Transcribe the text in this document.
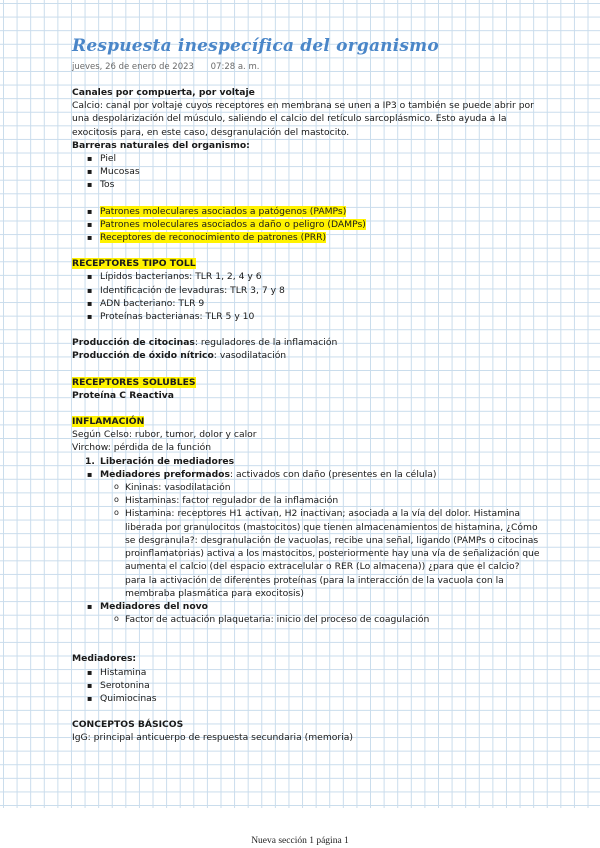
Respuesta inespecífica del organismo
jueves, 26 de enero de 2023 07:28 a. m.

Canales por compuerta, por voltaje

Calcio: canal por voltaje cuyos receptores en membrana se unen a IP3 o también se puede abrir por una despolarización del músculo, saliendo el calcio del retículo sarcoplásmico. Esto ayuda a la exocitosis para, en este caso, desgranulación del mastocito.

Barreras naturales del organismo:

▪ Piel
▪ Mucosas
▪ Tos
▪ Patrones moleculares asociados a patógenos (PAMPs)
▪ Patrones moleculares asociados a daño o peligro (DAMPs)
▪ Receptores de reconocimiento de patrones (PRR)

RECEPTORES TIPO TOLL

▪ Lípidos bacterianos: TLR 1, 2, 4 y 6
▪ Identificación de levaduras: TLR 3, 7 y 8
▪ ADN bacteriano: TLR 9
▪ Proteínas bacterianas: TLR 5 y 10

Producción de citocinas: reguladores de la inflamación

Producción de óxido nítrico: vasodilatación

RECEPTORES SOLUBLES

Proteína C Reactiva

INFLAMACIÓN

Según Celso: rubor, tumor, dolor y calor

Virchow: pérdida de la función

1. Liberación de mediadores
▪ Mediadores preformados: activados con daño (presentes en la célula)
o Kininas: vasodilatación
o Histaminas: factor regulador de la inflamación
o Histamina: receptores H1 activan, H2 inactivan; asociada a la vía del dolor. Histamina liberada por granulocitos (mastocitos) que tienen almacenamientos de histamina, ¿Cómo se desgranula?: desgranulación de vacuolas, recibe una señal, ligando (PAMPs o citocinas proinflamatorias) activa a los mastocitos, posteriormente hay una vía de señalización que aumenta el calcio (del espacio extracelular o RER (Lo almacena)) ¿para que el calcio? para la activación de diferentes proteínas (para la interacción de la vacuola con la membraba plasmática para exocitosis)
▪ Mediadores del novo
o Factor de actuación plaquetaria: inicio del proceso de coagulación

Mediadores:

▪ Histamina
▪ Serotonina
▪ Quimiocinas

CONCEPTOS BÁSICOS

IgG: principal anticuerpo de respuesta secundaria (memoria)

Nueva sección 1 página 1
